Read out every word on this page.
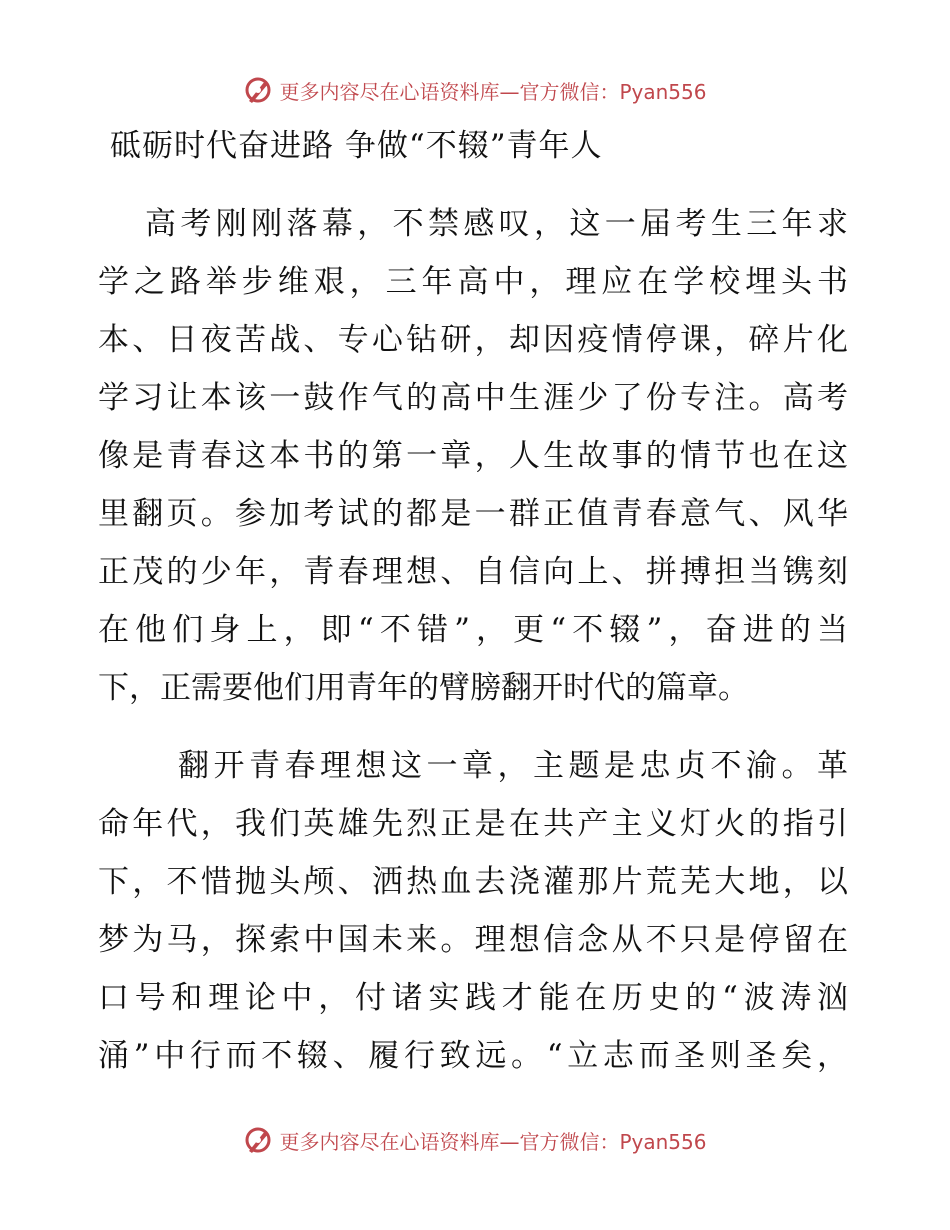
更多内容尽在心语资料库—官方微信：Pyan556
砥砺时代奋进路 争做“不辍”青年人
高考刚刚落幕，不禁感叹，这一届考生三年求
学之路举步维艰，三年高中，理应在学校埋头书
本、日夜苦战、专心钻研，却因疫情停课，碎片化
学习让本该一鼓作气的高中生涯少了份专注。高考
像是青春这本书的第一章，人生故事的情节也在这
里翻页。参加考试的都是一群正值青春意气、风华
正茂的少年，青春理想、自信向上、拼搏担当镌刻
在他们身上，即“不错”，更“不辍”，奋进的当
下，正需要他们用青年的臂膀翻开时代的篇章。
翻开青春理想这一章，主题是忠贞不渝。革
命年代，我们英雄先烈正是在共产主义灯火的指引
下，不惜抛头颅、洒热血去浇灌那片荒芜大地，以
梦为马，探索中国未来。理想信念从不只是停留在
口号和理论中，付诸实践才能在历史的“波涛汹
涌”中行而不辍、履行致远。“立志而圣则圣矣，
更多内容尽在心语资料库—官方微信：Pyan556
